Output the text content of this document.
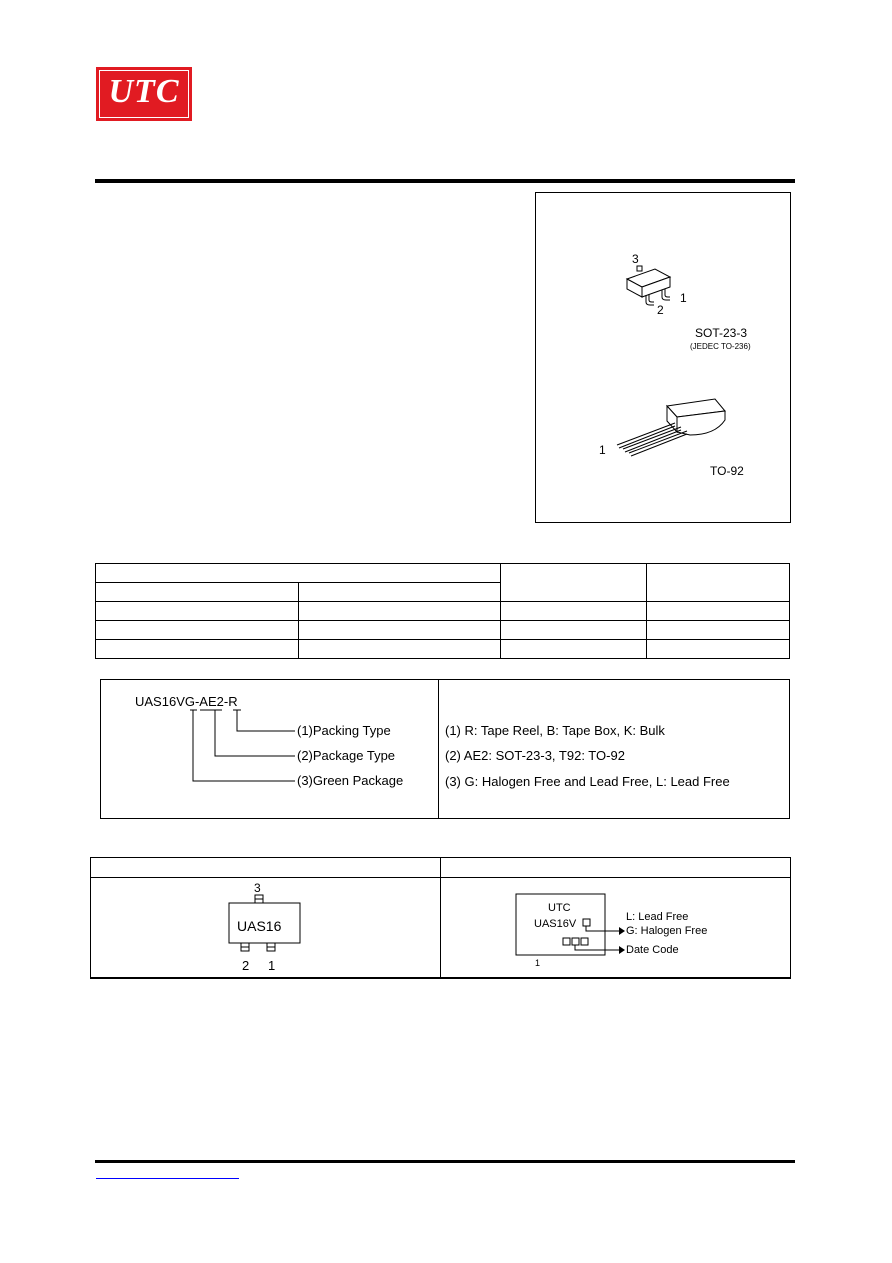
UTC
3
2
1
SOT-23-3
(JEDEC TO-236)
1
TO-92

UAS16VG-AE2-R
(1)Packing Type
(2)Package Type
(3)Green Package
(1) R: Tape Reel, B: Tape Box, K: Bulk
(2) AE2: SOT-23-3, T92: TO-92
(3) G: Halogen Free and Lead Free, L: Lead Free
3
UAS16
2 1
UTC
UAS16V
1
L: Lead Free
G: Halogen Free
Date Code
